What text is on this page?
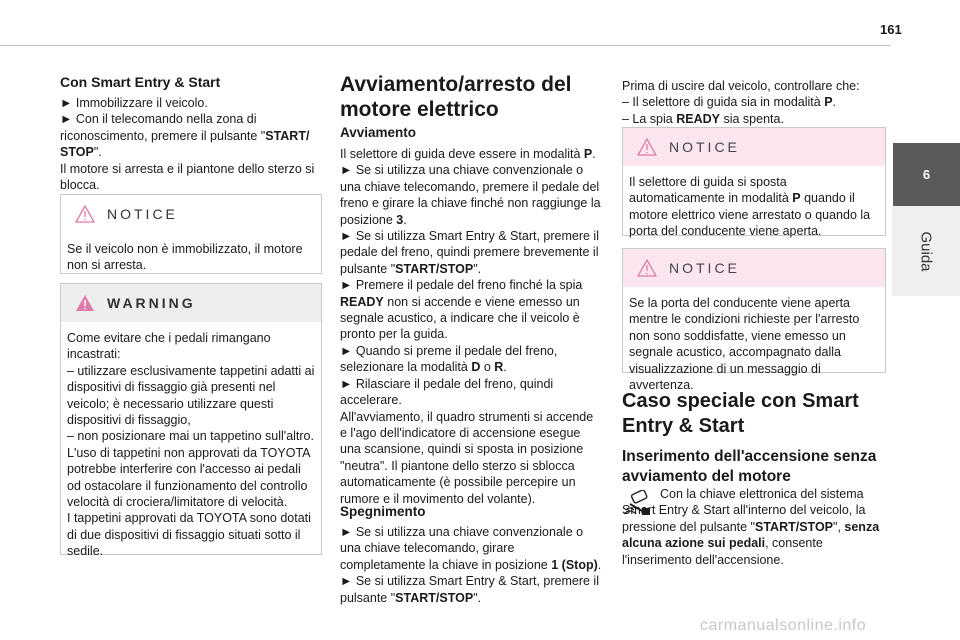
161
6
Guida
Con Smart Entry & Start

► Immobilizzare il veicolo.

► Con il telecomando nella zona di riconoscimento, premere il pulsante "START/
STOP".

Il motore si arresta e il piantone dello sterzo si blocca.

NOTICE
Se il veicolo non è immobilizzato, il motore non si arresta.
WARNING

Come evitare che i pedali rimangano incastrati:

– utilizzare esclusivamente tappetini adatti ai dispositivi di fissaggio già presenti nel veicolo; è necessario utilizzare questi dispositivi di fissaggio,

– non posizionare mai un tappetino sull'altro.

L'uso di tappetini non approvati da TOYOTA potrebbe interferire con l'accesso ai pedali od ostacolare il funzionamento del controllo velocità di crociera/limitatore di velocità.

I tappetini approvati da TOYOTA sono dotati di due dispositivi di fissaggio situati sotto il sedile.

Avviamento/arresto del motore elettrico
Avviamento

Il selettore di guida deve essere in modalità P.

► Se si utilizza una chiave convenzionale o una chiave telecomando, premere il pedale del freno e girare la chiave finché non raggiunge la posizione 3.

► Se si utilizza Smart Entry & Start, premere il pedale del freno, quindi premere brevemente il pulsante "START/STOP".

► Premere il pedale del freno finché la spia READY non si accende e viene emesso un segnale acustico, a indicare che il veicolo è pronto per la guida.

► Quando si preme il pedale del freno, selezionare la modalità D o R.

► Rilasciare il pedale del freno, quindi accelerare.

All'avviamento, il quadro strumenti si accende e l'ago dell'indicatore di accensione esegue una scansione, quindi si sposta in posizione "neutra". Il piantone dello sterzo si sblocca automaticamente (è possibile percepire un rumore e il movimento del volante).

Spegnimento

► Se si utilizza una chiave convenzionale o una chiave telecomando, girare completamente la chiave in posizione 1 (Stop).

► Se si utilizza Smart Entry & Start, premere il pulsante "START/STOP".

Prima di uscire dal veicolo, controllare che:

– Il selettore di guida sia in modalità P.

– La spia READY sia spenta.

NOTICE
Il selettore di guida si sposta automaticamente in modalità P quando il motore elettrico viene arrestato o quando la porta del conducente viene aperta.
NOTICE
Se la porta del conducente viene aperta mentre le condizioni richieste per l'arresto non sono soddisfatte, viene emesso un segnale acustico, accompagnato dalla visualizzazione di un messaggio di avvertenza.
Caso speciale con Smart Entry & Start
Inserimento dell'accensione senza avviamento del motore
Con la chiave elettronica del sistema Smart Entry & Start all'interno del veicolo, la pressione del pulsante "START/STOP", senza alcuna azione sui pedali, consente l'inserimento dell'accensione.
carmanualsonline.info
